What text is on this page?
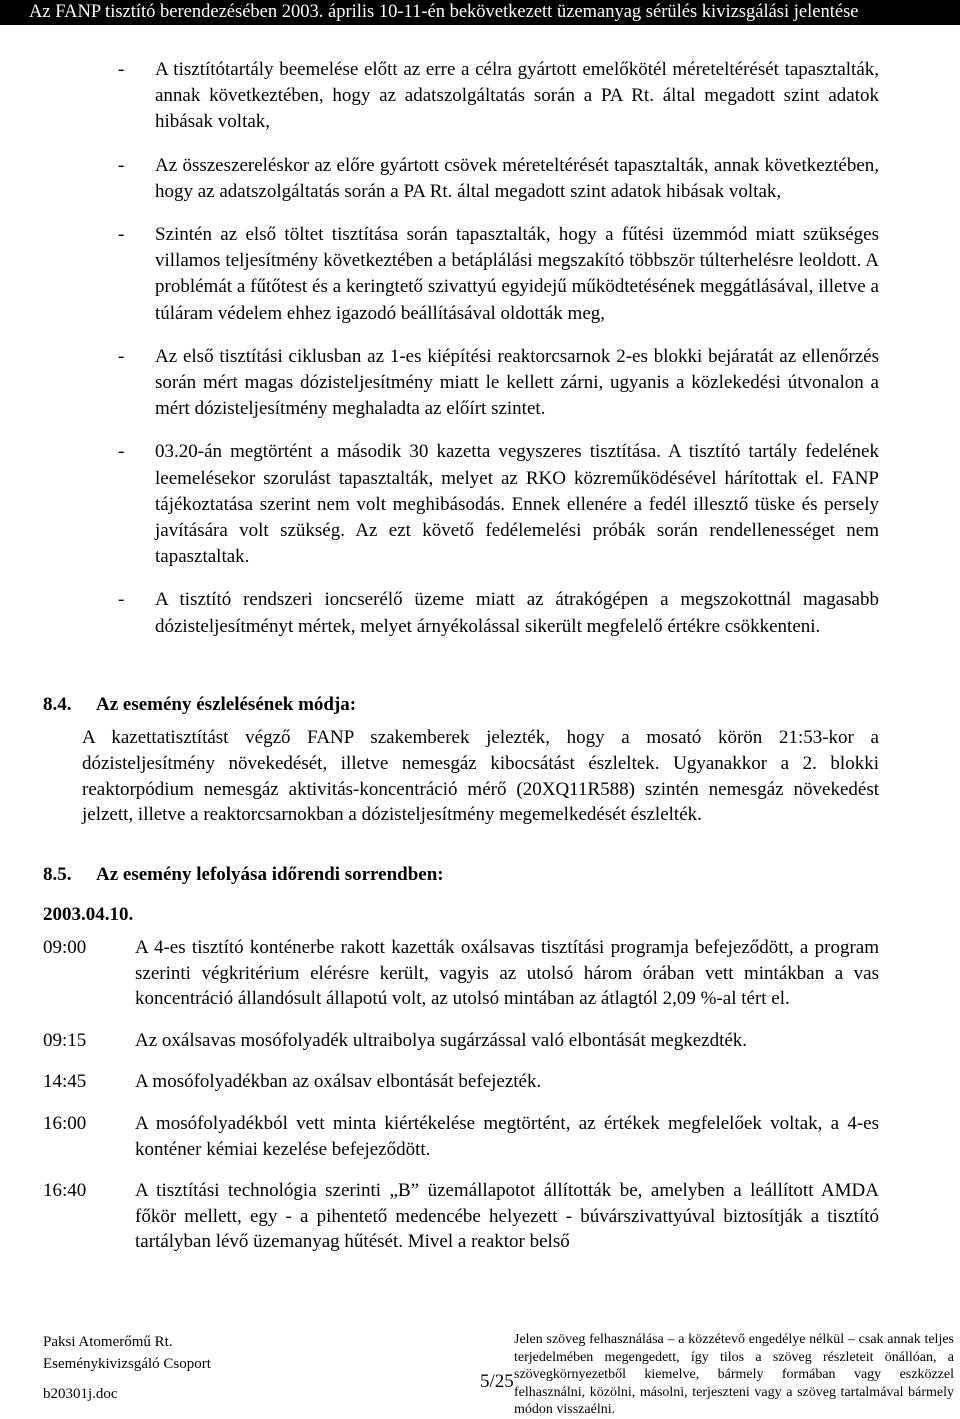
Az FANP tisztító berendezésében 2003. április 10-11-én bekövetkezett üzemanyag sérülés kivizsgálási jelentése
- A tisztítótartály beemelése előtt az erre a célra gyártott emelőkötél méreteltérését tapasztalták, annak következtében, hogy az adatszolgáltatás során a PA Rt. által megadott szint adatok hibásak voltak,
- Az összeszereléskor az előre gyártott csövek méreteltérését tapasztalták, annak következtében, hogy az adatszolgáltatás során a PA Rt. által megadott szint adatok hibásak voltak,
- Szintén az első töltet tisztítása során tapasztalták, hogy a fűtési üzemmód miatt szükséges villamos teljesítmény következtében a betáplálási megszakító többször túlterhelésre leoldott. A problémát a fűtőtest és a keringtető szivattyú egyidejű működtetésének meggátlásával, illetve a túláram védelem ehhez igazodó beállításával oldották meg,
- Az első tisztítási ciklusban az 1-es kiépítési reaktorcsarnok 2-es blokki bejáratát az ellenőrzés során mért magas dózisteljesítmény miatt le kellett zárni, ugyanis a közlekedési útvonalon a mért dózisteljesítmény meghaladta az előírt szintet.
- 03.20-án megtörtént a második 30 kazetta vegyszeres tisztítása. A tisztító tartály fedelének leemelésekor szorulást tapasztalták, melyet az RKO közreműködésével hárítottak el. FANP tájékoztatása szerint nem volt meghibásodás. Ennek ellenére a fedél illesztő tüske és persely javítására volt szükség. Az ezt követő fedélemelési próbák során rendellenességet nem tapasztaltak.
- A tisztító rendszeri ioncserélő üzeme miatt az átrakógépen a megszokottnál magasabb dózisteljesítményt mértek, melyet árnyékolással sikerült megfelelő értékre csökkenteni.
8.4. Az esemény észlelésének módja:

A kazettatisztítást végző FANP szakemberek jelezték, hogy a mosató körön 21:53-kor a dózisteljesítmény növekedését, illetve nemesgáz kibocsátást észleltek. Ugyanakkor a 2. blokki reaktorpódium nemesgáz aktivitás-koncentráció mérő (20XQ11R588) szintén nemesgáz növekedést jelzett, illetve a reaktorcsarnokban a dózisteljesítmény megemelkedését észlelték.

8.5. Az esemény lefolyása időrendi sorrendben:
2003.04.10.
09:00	A 4-es tisztító konténerbe rakott kazetták oxálsavas tisztítási programja befejeződött, a program szerinti végkritérium elérésre került, vagyis az utolsó három órában vett mintákban a vas koncentráció állandósult állapotú volt, az utolsó mintában az átlagtól 2,09 %-al tért el.
09:15	Az oxálsavas mosófolyadék ultraibolya sugárzással való elbontását megkezdték.
14:45	A mosófolyadékban az oxálsav elbontását befejezték.
16:00	A mosófolyadékból vett minta kiértékelése megtörtént, az értékek megfelelőek voltak, a 4-es konténer kémiai kezelése befejeződött.
16:40	A tisztítási technológia szerinti „B” üzemállapotot állították be, amelyben a leállított AMDA főkör mellett, egy - a pihentető medencébe helyezett - búvárszivattyúval biztosítják a tisztító tartályban lévő üzemanyag hűtését. Mivel a reaktor belső
Paksi Atomerőmű Rt.
Eseménykivizsgáló Csoport
b20301j.doc
5/25
Jelen szöveg felhasználása – a közzétevő engedélye nélkül – csak annak teljes terjedelmében megengedett, így tilos a szöveg részleteit önállóan, a szövegkörnyezetből kiemelve, bármely formában vagy eszközzel felhasználni, közölni, másolni, terjeszteni vagy a szöveg tartalmával bármely módon visszaélni.
